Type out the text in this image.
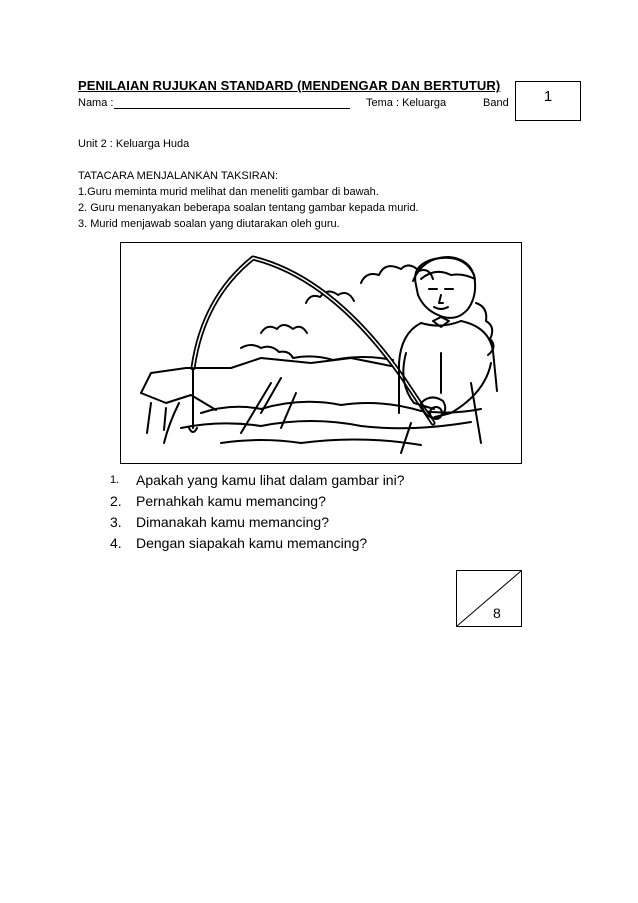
PENILAIAN RUJUKAN STANDARD (MENDENGAR DAN BERTUTUR)
Nama :	Tema : Keluarga	Band 1
Unit 2 : Keluarga Huda
TATACARA MENJALANKAN TAKSIRAN:
1.Guru meminta murid melihat dan meneliti gambar di bawah.
2. Guru menanyakan beberapa soalan tentang gambar kepada murid.
3. Murid menjawab soalan yang diutarakan oleh guru.
1.	Apakah yang kamu lihat dalam gambar ini?
2.	Pernahkah kamu memancing?
3.	Dimanakah kamu memancing?
4.	Dengan siapakah kamu memancing?
8
